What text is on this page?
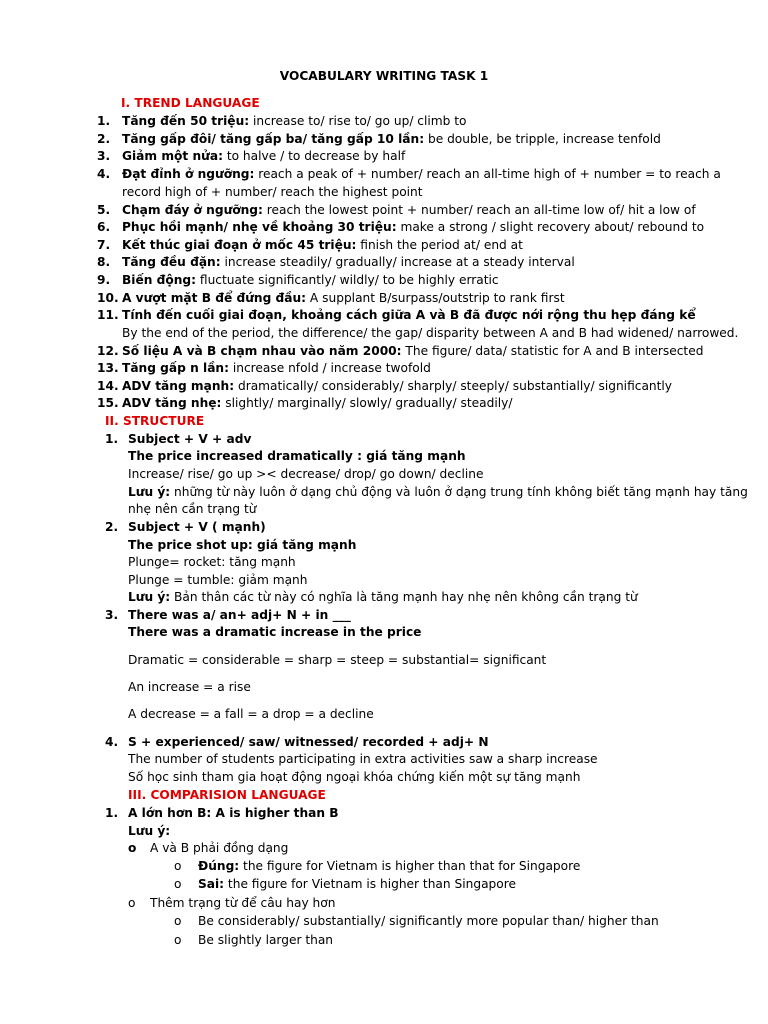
VOCABULARY WRITING TASK 1
I. TREND LANGUAGE
1. Tăng đến 50 triệu: increase to/ rise to/ go up/ climb to
2. Tăng gấp đôi/ tăng gấp ba/ tăng gấp 10 lần: be double, be tripple, increase tenfold
3. Giảm một nửa: to halve / to decrease by half
4. Đạt đỉnh ở ngưỡng: reach a peak of + number/ reach an all-time high of + number = to reach a record high of + number/ reach the highest point
5. Chạm đáy ở ngưỡng: reach the lowest point + number/ reach an all-time low of/ hit a low of
6. Phục hồi mạnh/ nhẹ về khoảng 30 triệu: make a strong / slight recovery about/ rebound to
7. Kết thúc giai đoạn ở mốc 45 triệu: finish the period at/ end at
8. Tăng đều đặn: increase steadily/ gradually/ increase at a steady interval
9. Biến động: fluctuate significantly/ wildly/ to be highly erratic
10. A vượt mặt B để đứng đầu: A supplant B/surpass/outstrip to rank first
11. Tính đến cuối giai đoạn, khoảng cách giữa A và B đã được nới rộng thu hẹp đáng kể
By the end of the period, the difference/ the gap/ disparity between A and B had widened/ narrowed.
12. Số liệu A và B chạm nhau vào năm 2000: The figure/ data/ statistic for A and B intersected
13. Tăng gấp n lần: increase nfold / increase twofold
14. ADV tăng mạnh: dramatically/ considerably/ sharply/ steeply/ substantially/ significantly
15. ADV tăng nhẹ: slightly/ marginally/ slowly/ gradually/ steadily/
II. STRUCTURE
1. Subject + V + adv
The price increased dramatically : giá tăng mạnh
Increase/ rise/ go up >< decrease/ drop/ go down/ decline
Lưu ý: những từ này luôn ở dạng chủ động và luôn ở dạng trung tính không biết tăng mạnh hay tăng
nhẹ nên cần trạng từ
2. Subject + V ( mạnh)
The price shot up: giá tăng mạnh
Plunge= rocket: tăng mạnh
Plunge = tumble: giảm mạnh
Lưu ý: Bản thân các từ này có nghĩa là tăng mạnh hay nhẹ nên không cần trạng từ
3. There was a/ an+ adj+ N + in ___
There was a dramatic increase in the price
Dramatic = considerable = sharp = steep = substantial= significant
An increase = a rise
A decrease = a fall = a drop = a decline
4. S + experienced/ saw/ witnessed/ recorded + adj+ N
The number of students participating in extra activities saw a sharp increase
Số học sinh tham gia hoạt động ngoại khóa chứng kiến một sự tăng mạnh
III. COMPARISION LANGUAGE
1. A lớn hơn B: A is higher than B
Lưu ý:
o A và B phải đồng dạng
o Đúng: the figure for Vietnam is higher than that for Singapore
o Sai: the figure for Vietnam is higher than Singapore
o Thêm trạng từ để câu hay hơn
o Be considerably/ substantially/ significantly more popular than/ higher than
o Be slightly larger than
